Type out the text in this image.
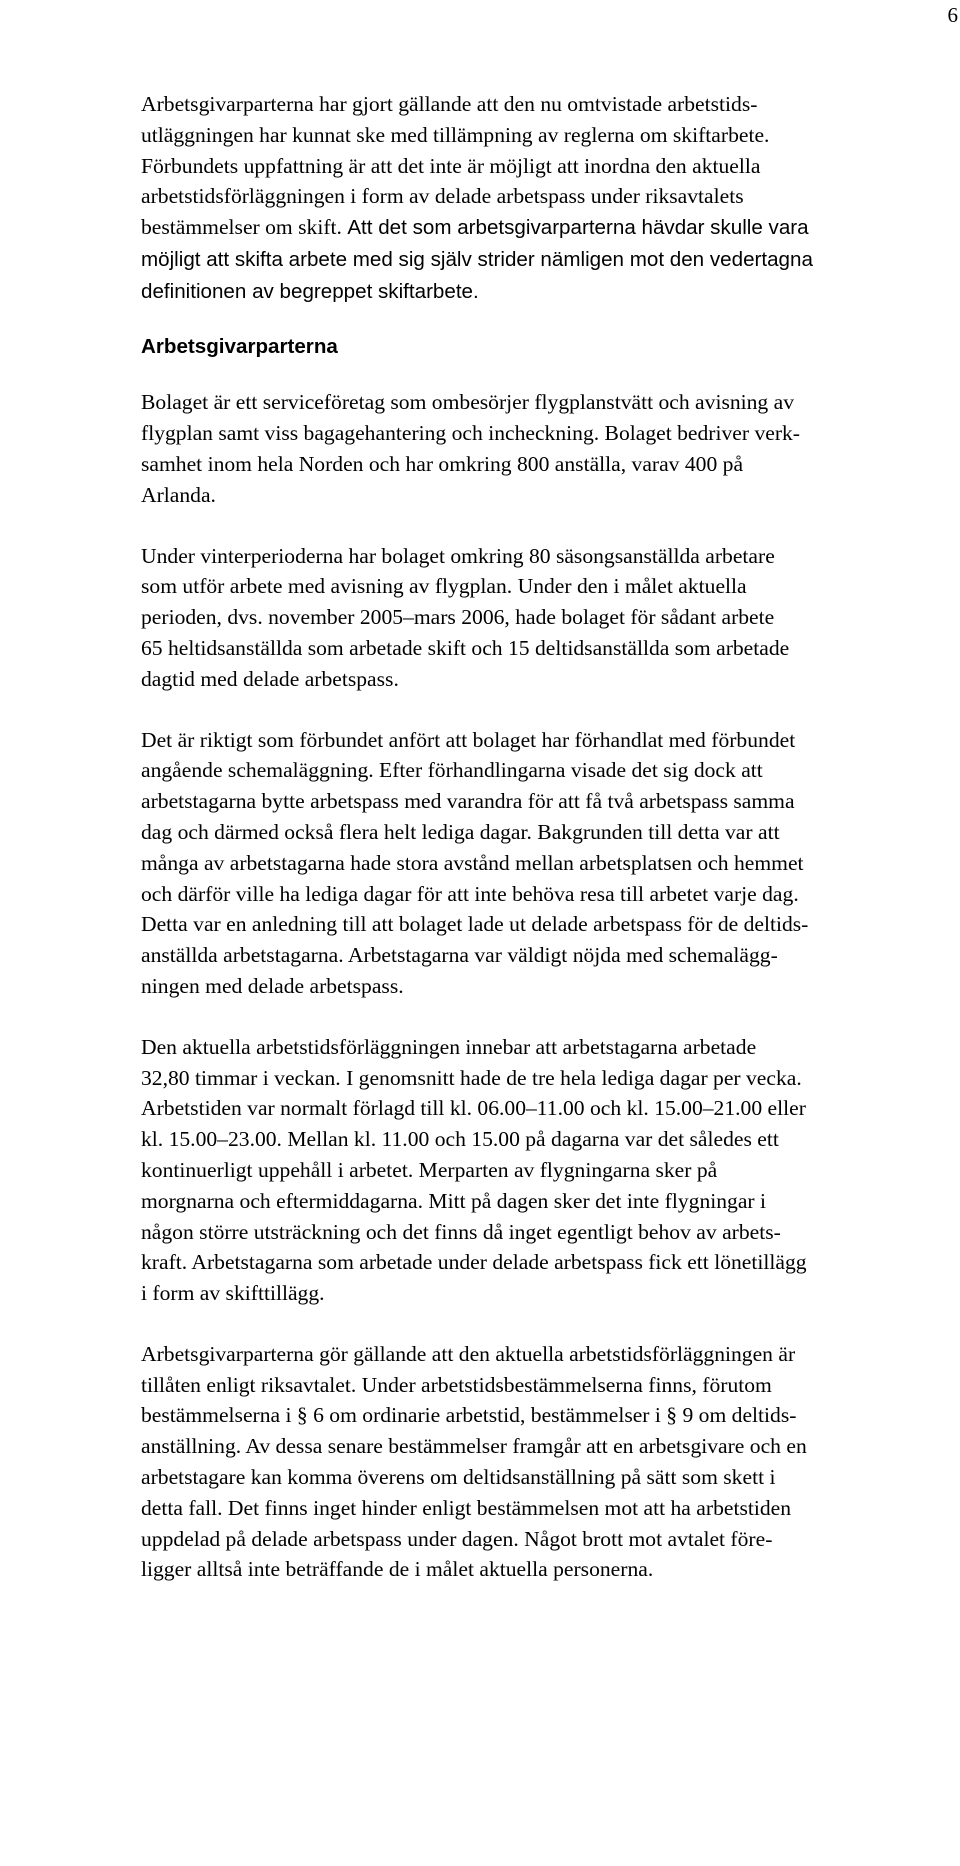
6

Arbetsgivarparterna har gjort gällande att den nu omtvistade arbetstids-
utläggningen har kunnat ske med tillämpning av reglerna om skiftarbete.
Förbundets uppfattning är att det inte är möjligt att inordna den aktuella
arbetstidsförläggningen i form av delade arbetspass under riksavtalets
bestämmelser om skift. Att det som arbetsgivarparterna hävdar skulle vara
möjligt att skifta arbete med sig själv strider nämligen mot den vedertagna
definitionen av begreppet skiftarbete.

Arbetsgivarparterna

Bolaget är ett serviceföretag som ombesörjer flygplanstvätt och avisning av
flygplan samt viss bagagehantering och incheckning. Bolaget bedriver verk-
samhet inom hela Norden och har omkring 800 anställa, varav 400 på
Arlanda.

Under vinterperioderna har bolaget omkring 80 säsongsanställda arbetare
som utför arbete med avisning av flygplan. Under den i målet aktuella
perioden, dvs. november 2005–mars 2006, hade bolaget för sådant arbete
65 heltidsanställda som arbetade skift och 15 deltidsanställda som arbetade
dagtid med delade arbetspass.

Det är riktigt som förbundet anfört att bolaget har förhandlat med förbundet
angående schemaläggning. Efter förhandlingarna visade det sig dock att
arbetstagarna bytte arbetspass med varandra för att få två arbetspass samma
dag och därmed också flera helt lediga dagar. Bakgrunden till detta var att
många av arbetstagarna hade stora avstånd mellan arbetsplatsen och hemmet
och därför ville ha lediga dagar för att inte behöva resa till arbetet varje dag.
Detta var en anledning till att bolaget lade ut delade arbetspass för de deltids-
anställda arbetstagarna. Arbetstagarna var väldigt nöjda med schemalägg-
ningen med delade arbetspass.

Den aktuella arbetstidsförläggningen innebar att arbetstagarna arbetade
32,80 timmar i veckan. I genomsnitt hade de tre hela lediga dagar per vecka.
Arbetstiden var normalt förlagd till kl. 06.00–11.00 och kl. 15.00–21.00 eller
kl. 15.00–23.00. Mellan kl. 11.00 och 15.00 på dagarna var det således ett
kontinuerligt uppehåll i arbetet. Merparten av flygningarna sker på
morgnarna och eftermiddagarna. Mitt på dagen sker det inte flygningar i
någon större utsträckning och det finns då inget egentligt behov av arbets-
kraft. Arbetstagarna som arbetade under delade arbetspass fick ett lönetillägg
i form av skifttillägg.

Arbetsgivarparterna gör gällande att den aktuella arbetstidsförläggningen är
tillåten enligt riksavtalet. Under arbetstidsbestämmelserna finns, förutom
bestämmelserna i § 6 om ordinarie arbetstid, bestämmelser i § 9 om deltids-
anställning. Av dessa senare bestämmelser framgår att en arbetsgivare och en
arbetstagare kan komma överens om deltidsanställning på sätt som skett i
detta fall. Det finns inget hinder enligt bestämmelsen mot att ha arbetstiden
uppdelad på delade arbetspass under dagen. Något brott mot avtalet före-
ligger alltså inte beträffande de i målet aktuella personerna.
